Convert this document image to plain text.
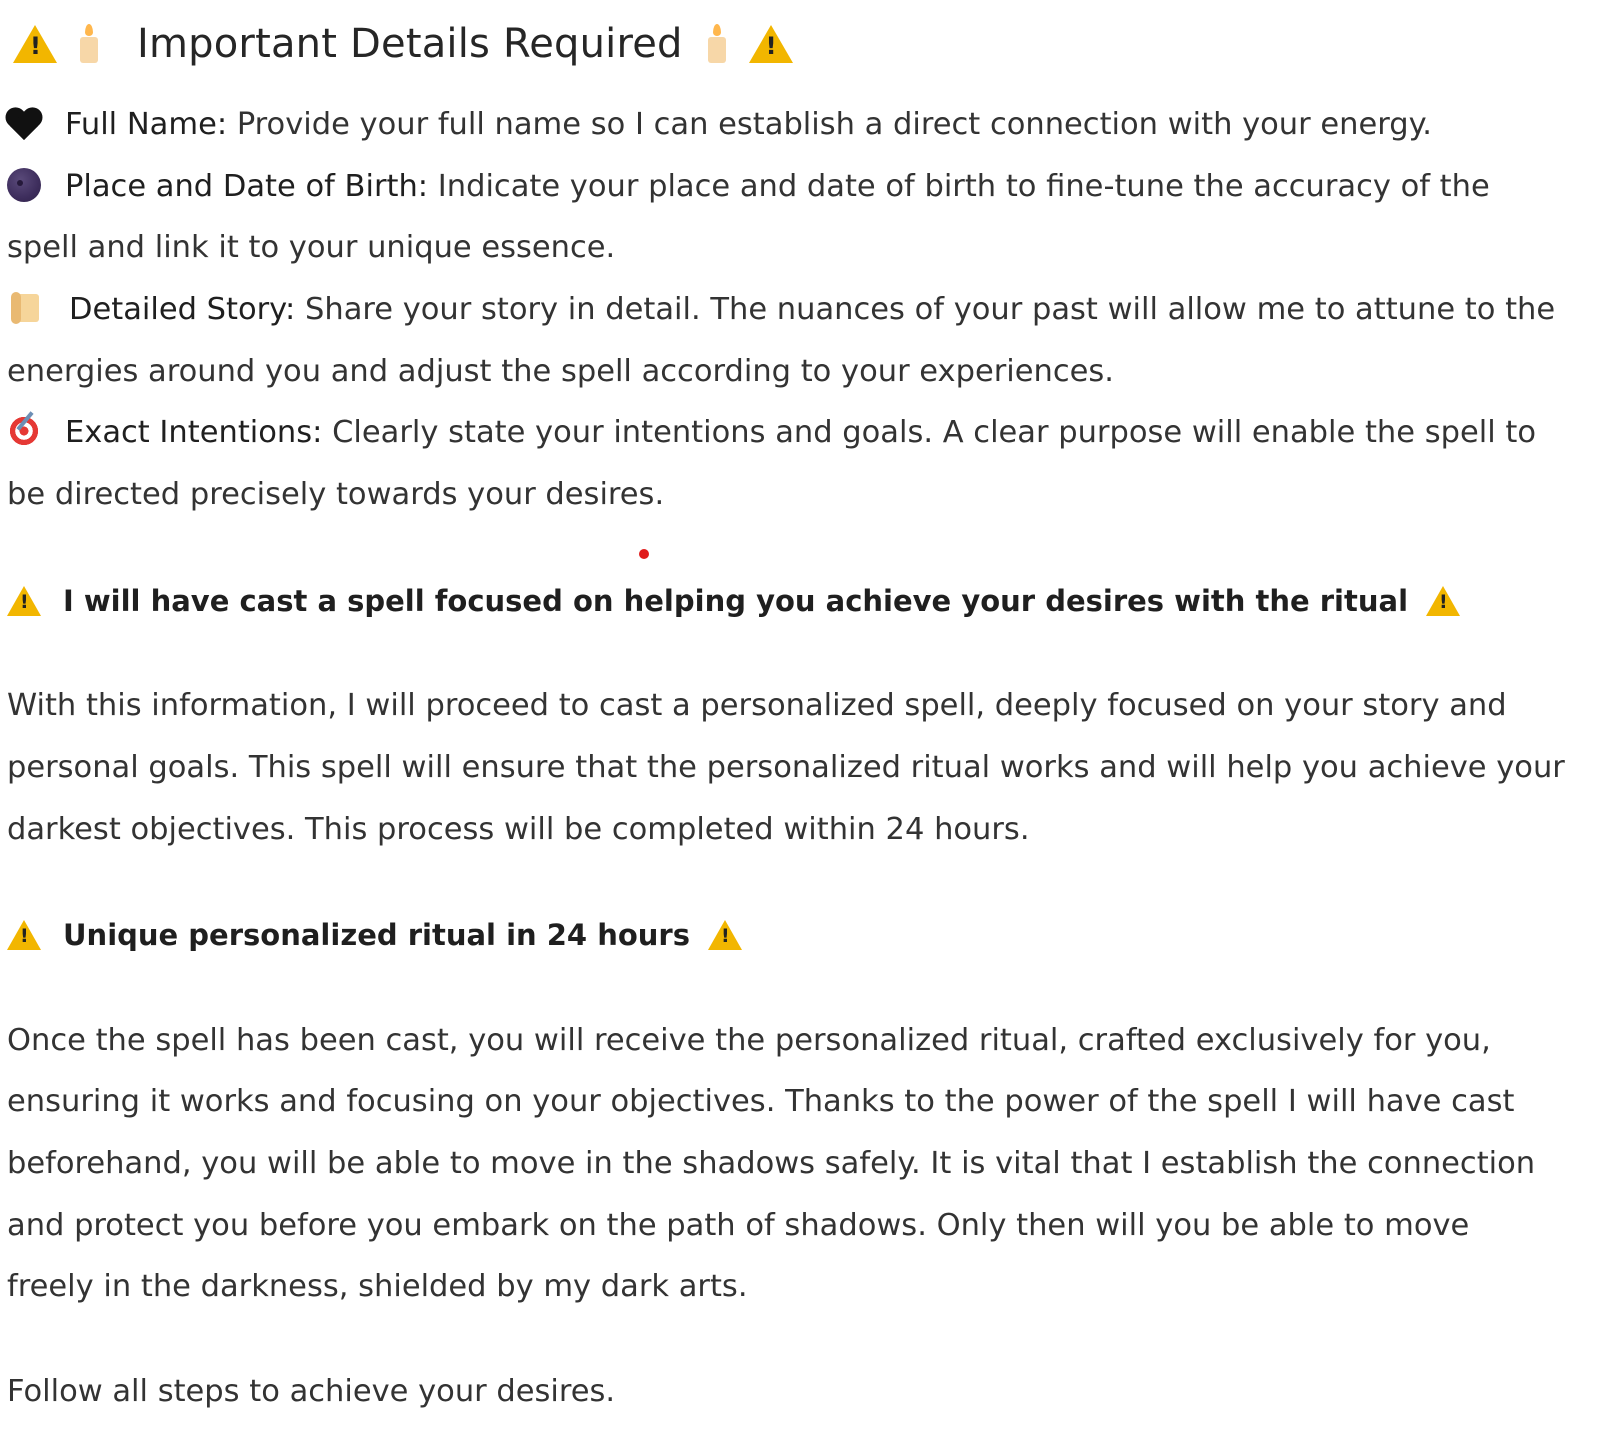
!
Important Details Required
!
Full Name: Provide your full name so I can establish a direct connection with your energy.
Place and Date of Birth: Indicate your place and date of birth to fine-tune the accuracy of the
spell and link it to your unique essence.
Detailed Story: Share your story in detail. The nuances of your past will allow me to attune to the
energies around you and adjust the spell according to your experiences.
Exact Intentions: Clearly state your intentions and goals. A clear purpose will enable the spell to
be directed precisely towards your desires.
!I will have cast a spell focused on helping you achieve your desires with the ritual!
With this information, I will proceed to cast a personalized spell, deeply focused on your story and
personal goals. This spell will ensure that the personalized ritual works and will help you achieve your
darkest objectives. This process will be completed within 24 hours.
!Unique personalized ritual in 24 hours!
Once the spell has been cast, you will receive the personalized ritual, crafted exclusively for you,
ensuring it works and focusing on your objectives. Thanks to the power of the spell I will have cast
beforehand, you will be able to move in the shadows safely. It is vital that I establish the connection
and protect you before you embark on the path of shadows. Only then will you be able to move
freely in the darkness, shielded by my dark arts.
Follow all steps to achieve your desires.
